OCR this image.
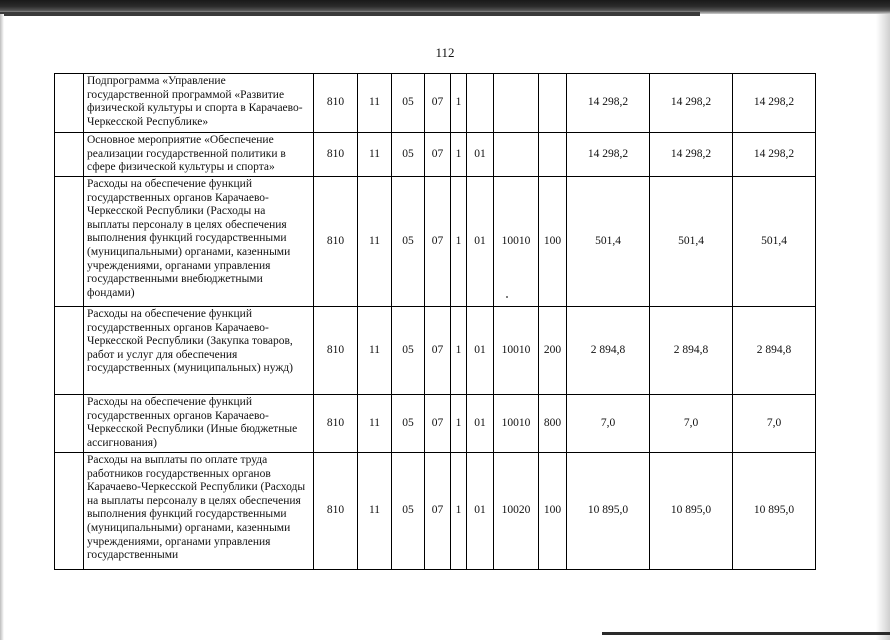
112
	Подпрограмма «Управление государственной программой «Развитие физической культуры и спорта в Карачаево-Черкесской Республике»	810	11	05	07	1				14 298,2	14 298,2	14 298,2
	Основное мероприятие «Обеспечение реализации государственной политики в сфере физической культуры и спорта»	810	11	05	07	1	01			14 298,2	14 298,2	14 298,2
	Расходы на обеспечение функций государственных органов Карачаево-Черкесской Республики (Расходы на выплаты персоналу в целях обеспечения выполнения функций государственными (муниципальными) органами, казенными учреждениями, органами управления государственными внебюджетными фондами)	810	11	05	07	1	01	10010	100	501,4	501,4	501,4
	Расходы на обеспечение функций государственных органов Карачаево-Черкесской Республики (Закупка товаров, работ и услуг для обеспечения государственных (муниципальных) нужд)	810	11	05	07	1	01	10010	200	2 894,8	2 894,8	2 894,8
	Расходы на обеспечение функций государственных органов Карачаево-Черкесской Республики (Иные бюджетные ассигнования)	810	11	05	07	1	01	10010	800	7,0	7,0	7,0
	Расходы на выплаты по оплате труда работников государственных органов Карачаево-Черкесской Республики (Расходы на выплаты персоналу в целях обеспечения выполнения функций государственными (муниципальными) органами, казенными учреждениями, органами управления государственными	810	11	05	07	1	01	10020	100	10 895,0	10 895,0	10 895,0
